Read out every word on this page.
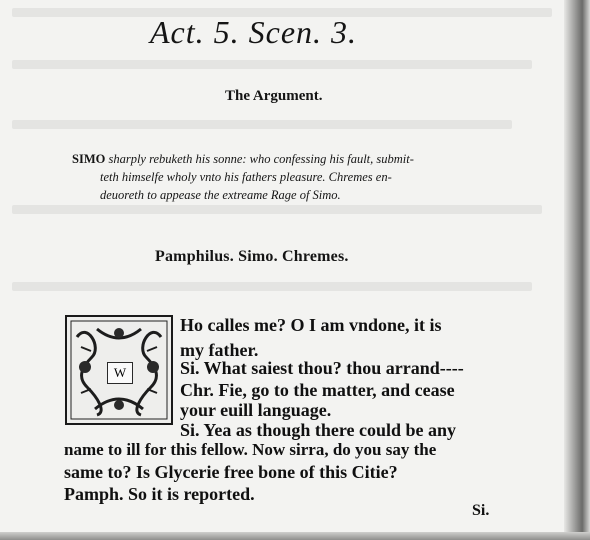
Act. 5. Scen. 3.
The Argument.
SIMO sharply rebuketh his sonne: who confessing his fault, submit-
teth himselfe wholy vnto his fathers pleasure. Chremes en-
deuoreth to appease the extreame Rage of Simo.
Pamphilus. Simo. Chremes.
W
Ho calles me? O I am vndone, it is
my father.
Si. What saiest thou? thou arrand----
Chr. Fie, go to the matter, and cease
your euill language.
Si. Yea as though there could be any
name to ill for this fellow. Now sirra, do you say the
same to? Is Glycerie free bone of this Citie?
Pamph. So it is reported.
Si.
